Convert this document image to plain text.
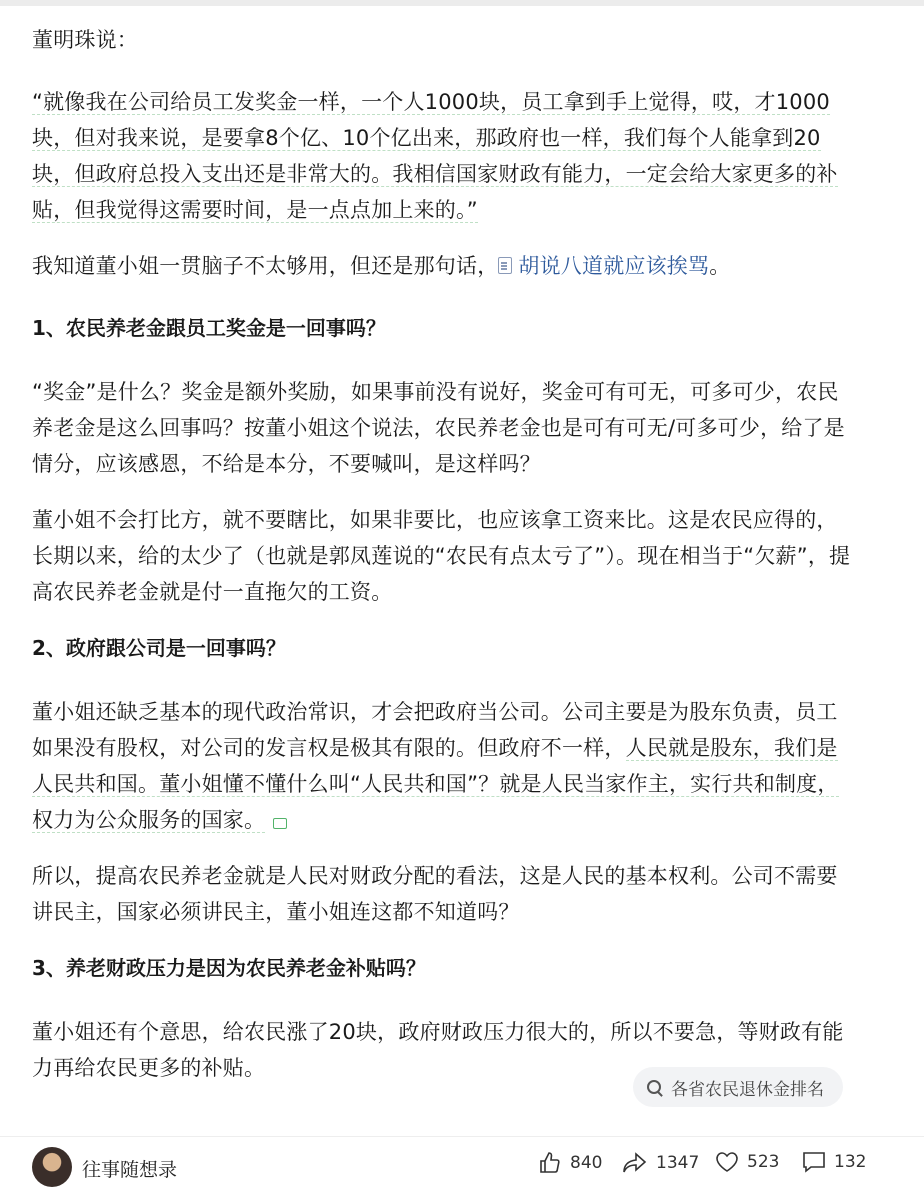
董明珠说：

“就像我在公司给员工发奖金一样，一个人1000块，员工拿到手上觉得，哎，才1000

块，但对我来说，是要拿8个亿、10个亿出来，那政府也一样，我们每个人能拿到20

块，但政府总投入支出还是非常大的。我相信国家财政有能力，一定会给大家更多的补

贴，但我觉得这需要时间，是一点点加上来的。”

我知道董小姐一贯脑子不太够用，但还是那句话， 胡说八道就应该挨骂。

1、农民养老金跟员工奖金是一回事吗？

“奖金”是什么？奖金是额外奖励，如果事前没有说好，奖金可有可无，可多可少，农民

养老金是这么回事吗？按董小姐这个说法，农民养老金也是可有可无/可多可少，给了是

情分，应该感恩，不给是本分，不要喊叫，是这样吗？

董小姐不会打比方，就不要瞎比，如果非要比，也应该拿工资来比。这是农民应得的，

长期以来，给的太少了（也就是郭凤莲说的“农民有点太亏了”）。现在相当于“欠薪”，提

高农民养老金就是付一直拖欠的工资。

2、政府跟公司是一回事吗？

董小姐还缺乏基本的现代政治常识，才会把政府当公司。公司主要是为股东负责，员工

如果没有股权，对公司的发言权是极其有限的。但政府不一样，人民就是股东，我们是

人民共和国。董小姐懂不懂什么叫“人民共和国”？就是人民当家作主，实行共和制度，

权力为公众服务的国家。

所以，提高农民养老金就是人民对财政分配的看法，这是人民的基本权利。公司不需要

讲民主，国家必须讲民主，董小姐连这都不知道吗？

3、养老财政压力是因为农民养老金补贴吗？

董小姐还有个意思，给农民涨了20块，政府财政压力很大的，所以不要急，等财政有能

力再给农民更多的补贴。

各省农民退休金排名
往事随想录	840	1347	523	132
